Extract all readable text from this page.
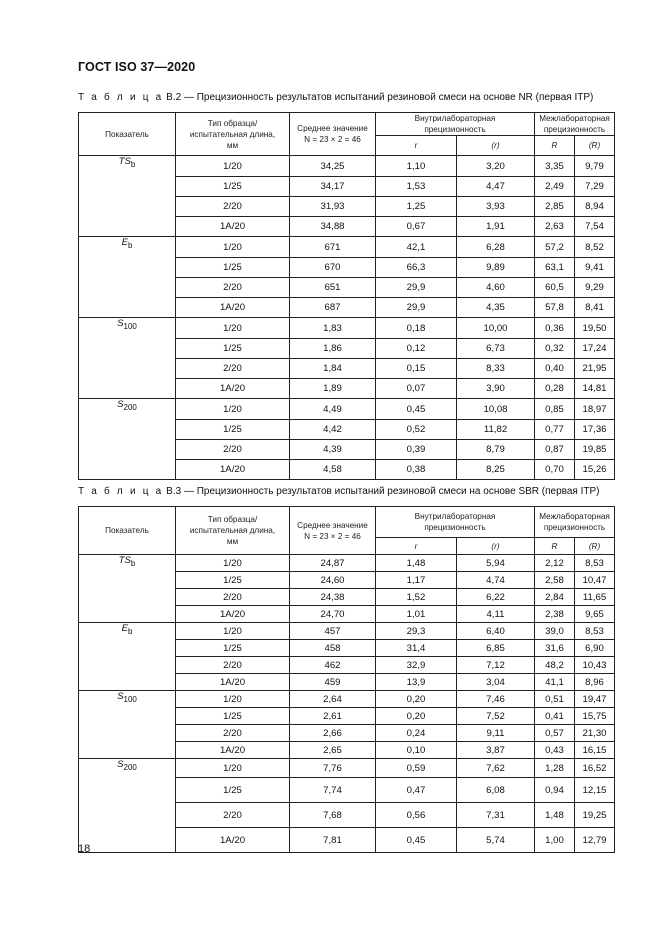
ГОСТ ISO 37—2020
Т а б л и ц а В.2 — Прецизионность результатов испытаний резиновой смеси на основе NR (первая ITP)
Показатель	Тип образца/
испытательная длина,
мм	Среднее значение
N = 23 × 2 = 46	Внутрилабораторная
прецизионность		Межлабораторная
прецизионность	
			r	(r)	R	(R)
$TS_b$	1/20	34,25	1,10	3,20	3,35	9,79
	1/25	34,17	1,53	4,47	2,49	7,29
	2/20	31,93	1,25	3,93	2,85	8,94
	1A/20	34,88	0,67	1,91	2,63	7,54
$E_b$	1/20	671	42,1	6,28	57,2	8,52
	1/25	670	66,3	9,89	63,1	9,41
	2/20	651	29,9	4,60	60,5	9,29
	1A/20	687	29,9	4,35	57,8	8,41
$S_{100}$	1/20	1,83	0,18	10,00	0,36	19,50
	1/25	1,86	0,12	6,73	0,32	17,24
	2/20	1,84	0,15	8,33	0,40	21,95
	1A/20	1,89	0,07	3,90	0,28	14,81
$S_{200}$	1/20	4,49	0,45	10,08	0,85	18,97
	1/25	4,42	0,52	11,82	0,77	17,36
	2/20	4,39	0,39	8,79	0,87	19,85
	1A/20	4,58	0,38	8,25	0,70	15,26
Т а б л и ц а В.3 — Прецизионность результатов испытаний резиновой смеси на основе SBR (первая ITP)
Показатель	Тип образца/
испытательная длина,
мм	Среднее значение
N = 23 × 2 = 46	Внутрилабораторная
прецизионность		Межлабораторная
прецизионность	
			r	(r)	R	(R)
$TS_b$	1/20	24,87	1,48	5,94	2,12	8,53
	1/25	24,60	1,17	4,74	2,58	10,47
	2/20	24,38	1,52	6,22	2,84	11,65
	1A/20	24,70	1,01	4,11	2,38	9,65
$E_b$	1/20	457	29,3	6,40	39,0	8,53
	1/25	458	31,4	6,85	31,6	6,90
	2/20	462	32,9	7,12	48,2	10,43
	1A/20	459	13,9	3,04	41,1	8,96
$S_{100}$	1/20	2,64	0,20	7,46	0,51	19,47
	1/25	2,61	0,20	7,52	0,41	15,75
	2/20	2,66	0,24	9,11	0,57	21,30
	1A/20	2,65	0,10	3,87	0,43	16,15
$S_{200}$	1/20	7,76	0,59	7,62	1,28	16,52
	1/25	7,74	0,47	6,08	0,94	12,15
	2/20	7,68	0,56	7,31	1,48	19,25
	1A/20	7,81	0,45	5,74	1,00	12,79
18
